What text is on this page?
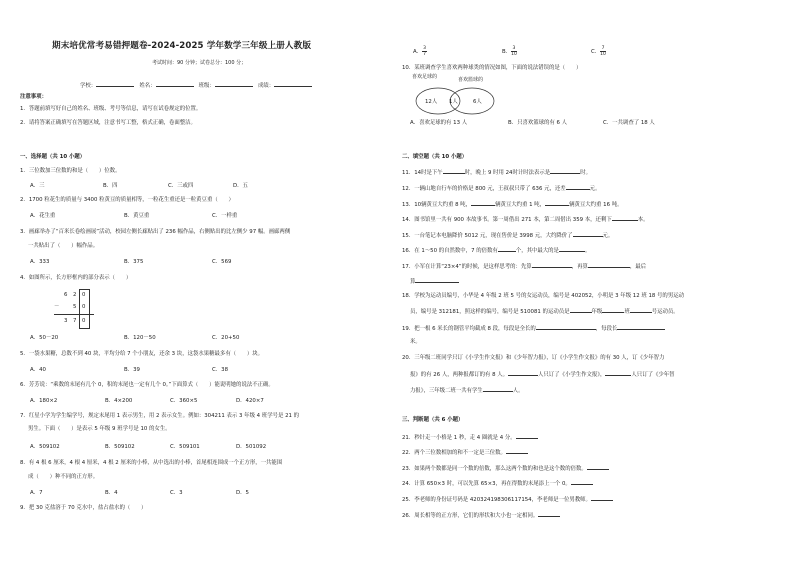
期末培优常考易错押题卷-2024-2025 学年数学三年级上册人教版
考试时间：90 分钟；试卷总分：100 分；
学校：	姓名：	班级：	成绩：
注意事项：
1．答题前填写好自己的姓名、班级、考号等信息，请写在试卷规定的位置。
2．请将答案正确填写在答题区域，注意书写工整，格式正确，卷面整洁。
一、选择题（共 10 小题）
1．三位数加三位数的和是（　　）位数。
A．三	B．四	C．三或四	D．五
2．1700 粒花生的质量与 3400 粒黄豆的质量相等，一粒花生重还是一粒黄豆重（　　）
A．花生重	B．黄豆重	C．一样重
3．画廊举办了“百米长卷绘画展”活动，校园左侧长廊贴出了 236 幅作品，右侧贴出的比左侧少 97 幅。画廊两侧
一共贴出了（　　）幅作品。
A．333	B．375	C．569
4．如图所示，长方形框内的部分表示（　　）
6 2 0
－	5 0
3 7 0
A．50－20	B．120－50	C．20+50
5．一袋水果糖，总数不到 40 块，平均分给 7 个小朋友，还余 3 块，这袋水果糖最多有（　　）块。
A．40	B．39	C．38
6．芳芳说：“乘数的末尾有几个 0，积的末尾也一定有几个 0。”下面算式（　　）能说明她的说法不正确。
A．180×2	B．4×200	C．360×5	D．420×7
7．红星小学为学生编学号，规定末尾用 1 表示男生，用 2 表示女生。例如：304211 表示 3 年级 4 班学号是 21 的
男生。下面（　　）是表示 5 年级 9 班学号是 10 的女生。
A．509102	B．509102	C．509101	D．501092
8．有 4 根 6 厘米，4 根 4 厘米，4 根 2 厘米的小棒，从中选出的小棒，首尾相连围成一个正方形，一共能围
成（　　）种不同的正方形。
A．7	B．4	C．3	D．5
9．把 30 克盐溶于 70 克水中，盐占盐水的（　　）
A． $\frac{3}{7}$	B． $\frac{3}{10}$	C． $\frac{7}{10}$
10．某班调查学生喜欢两种球类的情况如图，下面的说法错误的是（　　）
喜欢足球的	喜欢篮球的
12人 1人	6人
A．喜欢足球的有 13 人	B．只喜欢篮球的有 6 人	C．一共调查了 18 人
二、填空题（共 10 小题）
11．14时是下午	时，晚上 9 时用 24时计时法表示是	时。
12．一辆山地自行车的价格是 800 元，王叔叔只带了 636 元，还差	元。
13．10辆黄豆大约重 8 吨，	辆黄豆大约重 1 吨，	辆黄豆大约重 16 吨。
14．图书馆里一共有 900 本故事书。第一周借出 271 本，第二周借出 359 本，还剩下	本。
15．一台笔记本电脑降价 5012 元，现在售价是 3998 元，大约降价了	元。
16．在 1～50 的自然数中，7 的倍数有	个，其中最大的是	。
17．小军在计算“23×4”的时候，是这样思考的：先算	，再算	，最后
算
18．学校为运动员编号，小华是 4 年级 2 班 5 号的女运动员，编号是 402052，小明是 3 年级 12 班 18 号的男运动
员，编号是 312181，照这样的编号，编号是 510081 的运动员是	年级	班	号运动员。
19．把一根 6 米长的钢管平均截成 8 段，每段是全长的	，每段长
米。
20．三年级二班同学只订《小学生作文报》和《少年智力报》，订《小学生作文报》的有 30 人，订《少年智力
报》的有 26 人，两种报都订的有 8 人。	人只订了《小学生作文报》，	人只订了《少年智
力报》，三年级二班一共有学生	人。
三、判断题（共 6 小题）
21．秒针走一小格是 1 秒，走 4 圈就是 4 分。
22．两个三位数相加的和不一定是三位数。
23．如果两个数都是同一个数的倍数，那么这两个数的和也是这个数的倍数。
24．计算 650×3 时，可以先算 65×3，再在得数的末尾添上一个 0。
25．李老师的身份证号码是 420324198306117154，李老师是一位男教师。
26．周长相等的正方形，它们的形状和大小也一定相同。
